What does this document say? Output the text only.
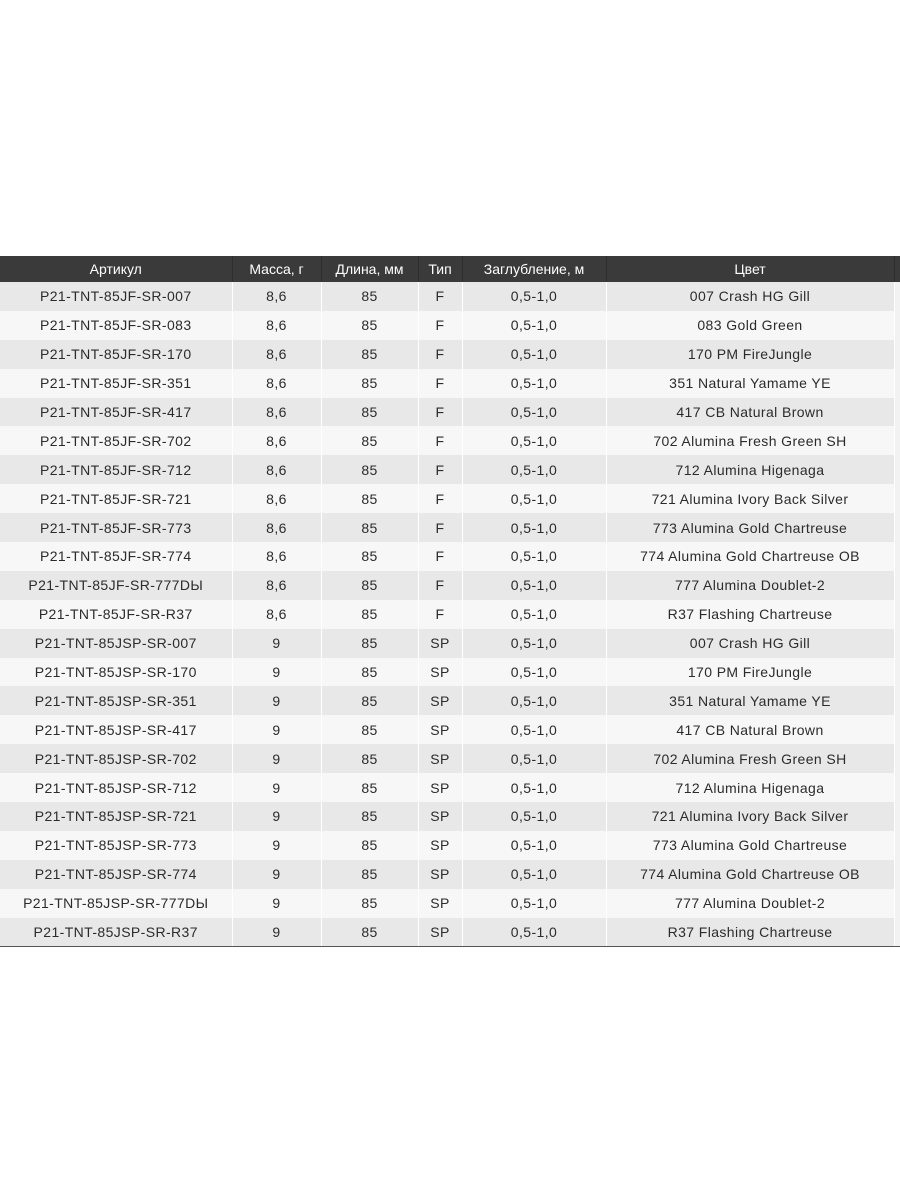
Артикул	Масса, г	Длина, мм	Тип	Заглубление, м	Цвет	
P21-TNT-85JF-SR-007	8,6	85	F	0,5-1,0	007 Crash HG Gill	
P21-TNT-85JF-SR-083	8,6	85	F	0,5-1,0	083 Gold Green	
P21-TNT-85JF-SR-170	8,6	85	F	0,5-1,0	170 PM FireJungle	
P21-TNT-85JF-SR-351	8,6	85	F	0,5-1,0	351 Natural Yamame YE	
P21-TNT-85JF-SR-417	8,6	85	F	0,5-1,0	417 CB Natural Brown	
P21-TNT-85JF-SR-702	8,6	85	F	0,5-1,0	702 Alumina Fresh Green SH	
P21-TNT-85JF-SR-712	8,6	85	F	0,5-1,0	712 Alumina Higenaga	
P21-TNT-85JF-SR-721	8,6	85	F	0,5-1,0	721 Alumina Ivory Back Silver	
P21-TNT-85JF-SR-773	8,6	85	F	0,5-1,0	773 Alumina Gold Chartreuse	
P21-TNT-85JF-SR-774	8,6	85	F	0,5-1,0	774 Alumina Gold Chartreuse OB	
P21-TNT-85JF-SR-777DЫ	8,6	85	F	0,5-1,0	777 Alumina Doublet-2	
P21-TNT-85JF-SR-R37	8,6	85	F	0,5-1,0	R37 Flashing Chartreuse	
P21-TNT-85JSP-SR-007	9	85	SP	0,5-1,0	007 Crash HG Gill	
P21-TNT-85JSP-SR-170	9	85	SP	0,5-1,0	170 PM FireJungle	
P21-TNT-85JSP-SR-351	9	85	SP	0,5-1,0	351 Natural Yamame YE	
P21-TNT-85JSP-SR-417	9	85	SP	0,5-1,0	417 CB Natural Brown	
P21-TNT-85JSP-SR-702	9	85	SP	0,5-1,0	702 Alumina Fresh Green SH	
P21-TNT-85JSP-SR-712	9	85	SP	0,5-1,0	712 Alumina Higenaga	
P21-TNT-85JSP-SR-721	9	85	SP	0,5-1,0	721 Alumina Ivory Back Silver	
P21-TNT-85JSP-SR-773	9	85	SP	0,5-1,0	773 Alumina Gold Chartreuse	
P21-TNT-85JSP-SR-774	9	85	SP	0,5-1,0	774 Alumina Gold Chartreuse OB	
P21-TNT-85JSP-SR-777DЫ	9	85	SP	0,5-1,0	777 Alumina Doublet-2	
P21-TNT-85JSP-SR-R37	9	85	SP	0,5-1,0	R37 Flashing Chartreuse	
